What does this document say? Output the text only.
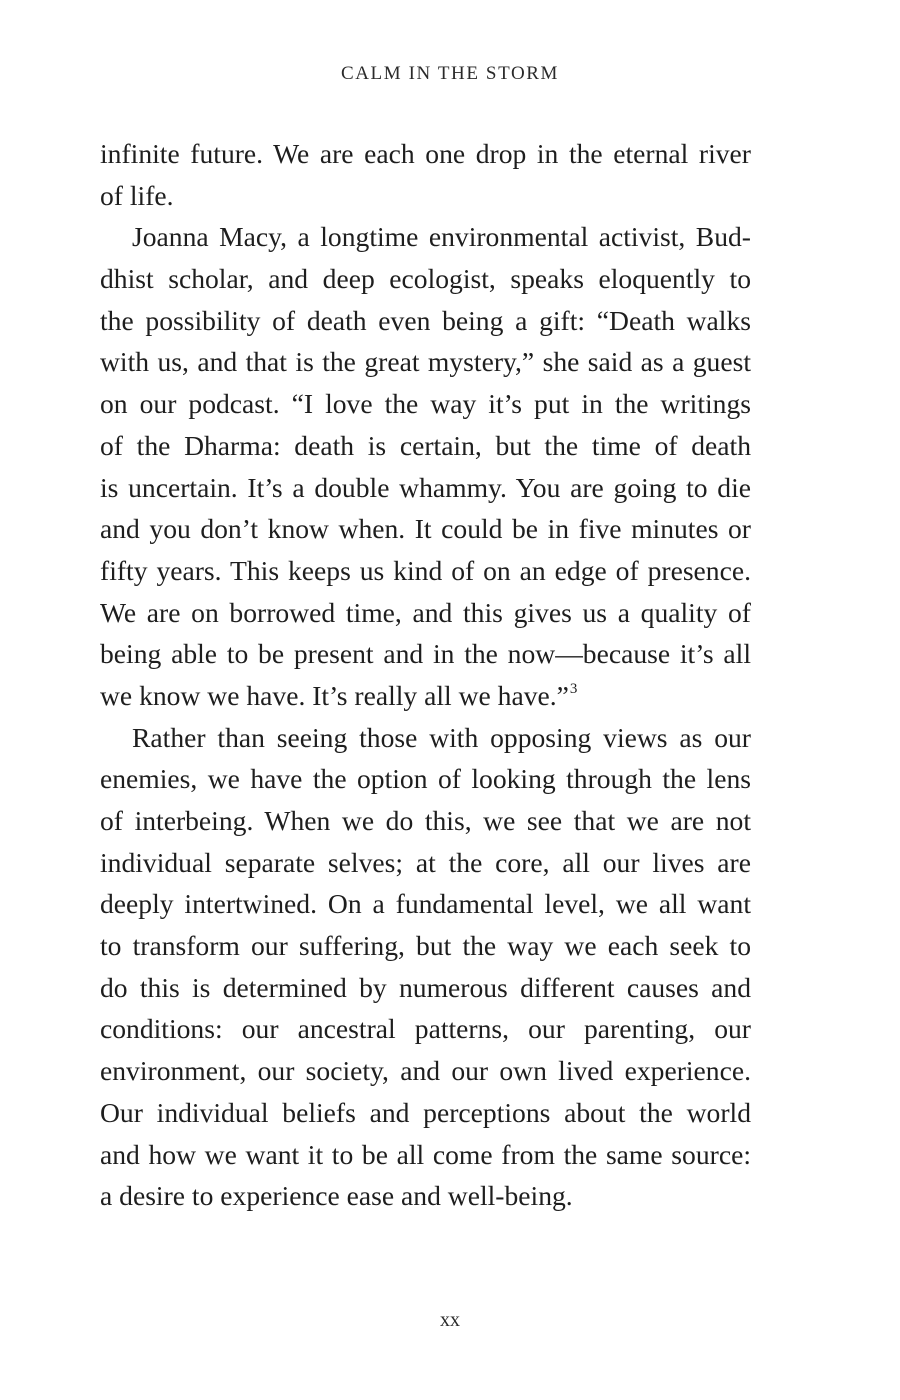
CALM IN THE STORM
infinite future. We are each one drop in the eternal river
of life.
Joanna Macy, a longtime environmental activist, Bud-
dhist scholar, and deep ecologist, speaks eloquently to
the possibility of death even being a gift: “Death walks
with us, and that is the great mystery,” she said as a guest
on our podcast. “I love the way it’s put in the writings
of the Dharma: death is certain, but the time of death
is uncertain. It’s a double whammy. You are going to die
and you don’t know when. It could be in five minutes or
fifty years. This keeps us kind of on an edge of presence.
We are on borrowed time, and this gives us a quality of
being able to be present and in the now—because it’s all
we know we have. It’s really all we have.”$^3$
Rather than seeing those with opposing views as our
enemies, we have the option of looking through the lens
of interbeing. When we do this, we see that we are not
individual separate selves; at the core, all our lives are
deeply intertwined. On a fundamental level, we all want
to transform our suffering, but the way we each seek to
do this is determined by numerous different causes and
conditions: our ancestral patterns, our parenting, our
environment, our society, and our own lived experience.
Our individual beliefs and perceptions about the world
and how we want it to be all come from the same source:
a desire to experience ease and well-being.
xx
